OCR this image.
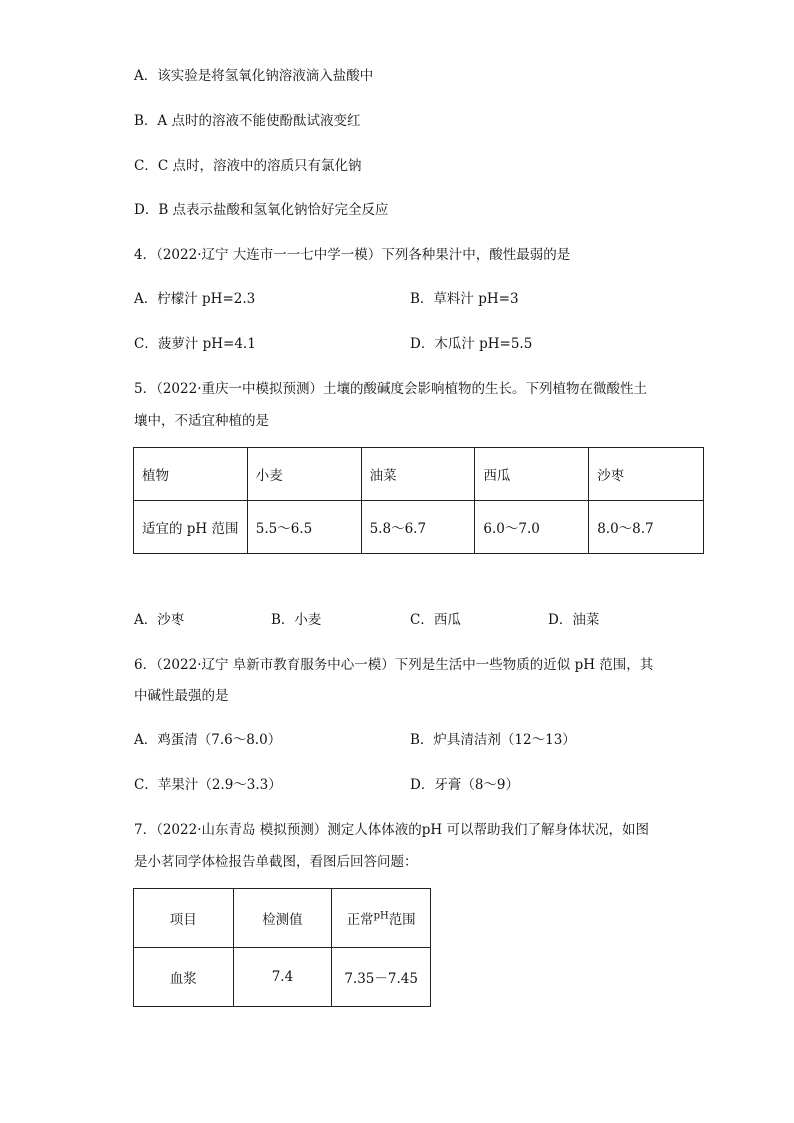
A．该实验是将氢氧化钠溶液滴入盐酸中
B．A 点时的溶液不能使酚酞试液变红
C．C 点时，溶液中的溶质只有氯化钠
D．B 点表示盐酸和氢氧化钠恰好完全反应
4．（2022·辽宁 大连市一一七中学一模）下列各种果汁中，酸性最弱的是
A．柠檬汁 pH=2.3	B．草料汁 pH=3
C．菠萝汁 pH=4.1	D．木瓜汁 pH=5.5
5．（2022·重庆一中模拟预测）土壤的酸碱度会影响植物的生长。下列植物在微酸性土
壤中，不适宜种植的是
植物	小麦	油菜	西瓜	沙枣
适宜的 pH 范围	5.5～6.5	5.8～6.7	6.0～7.0	8.0～8.7
A．沙枣	B．小麦	C．西瓜	D．油菜
6．（2022·辽宁 阜新市教育服务中心一模）下列是生活中一些物质的近似 pH 范围，其
中碱性最强的是
A．鸡蛋清（7.6～8.0）	B．炉具清洁剂（12～13）
C．苹果汁（2.9～3.3）	D．牙膏（8～9）
7．（2022·山东青岛 模拟预测）测定人体体液的pH 可以帮助我们了解身体状况，如图
是小茗同学体检报告单截图，看图后回答问题：
项目	检测值	正常$^{pH}$范围
血浆	7.4	7.35－7.45
